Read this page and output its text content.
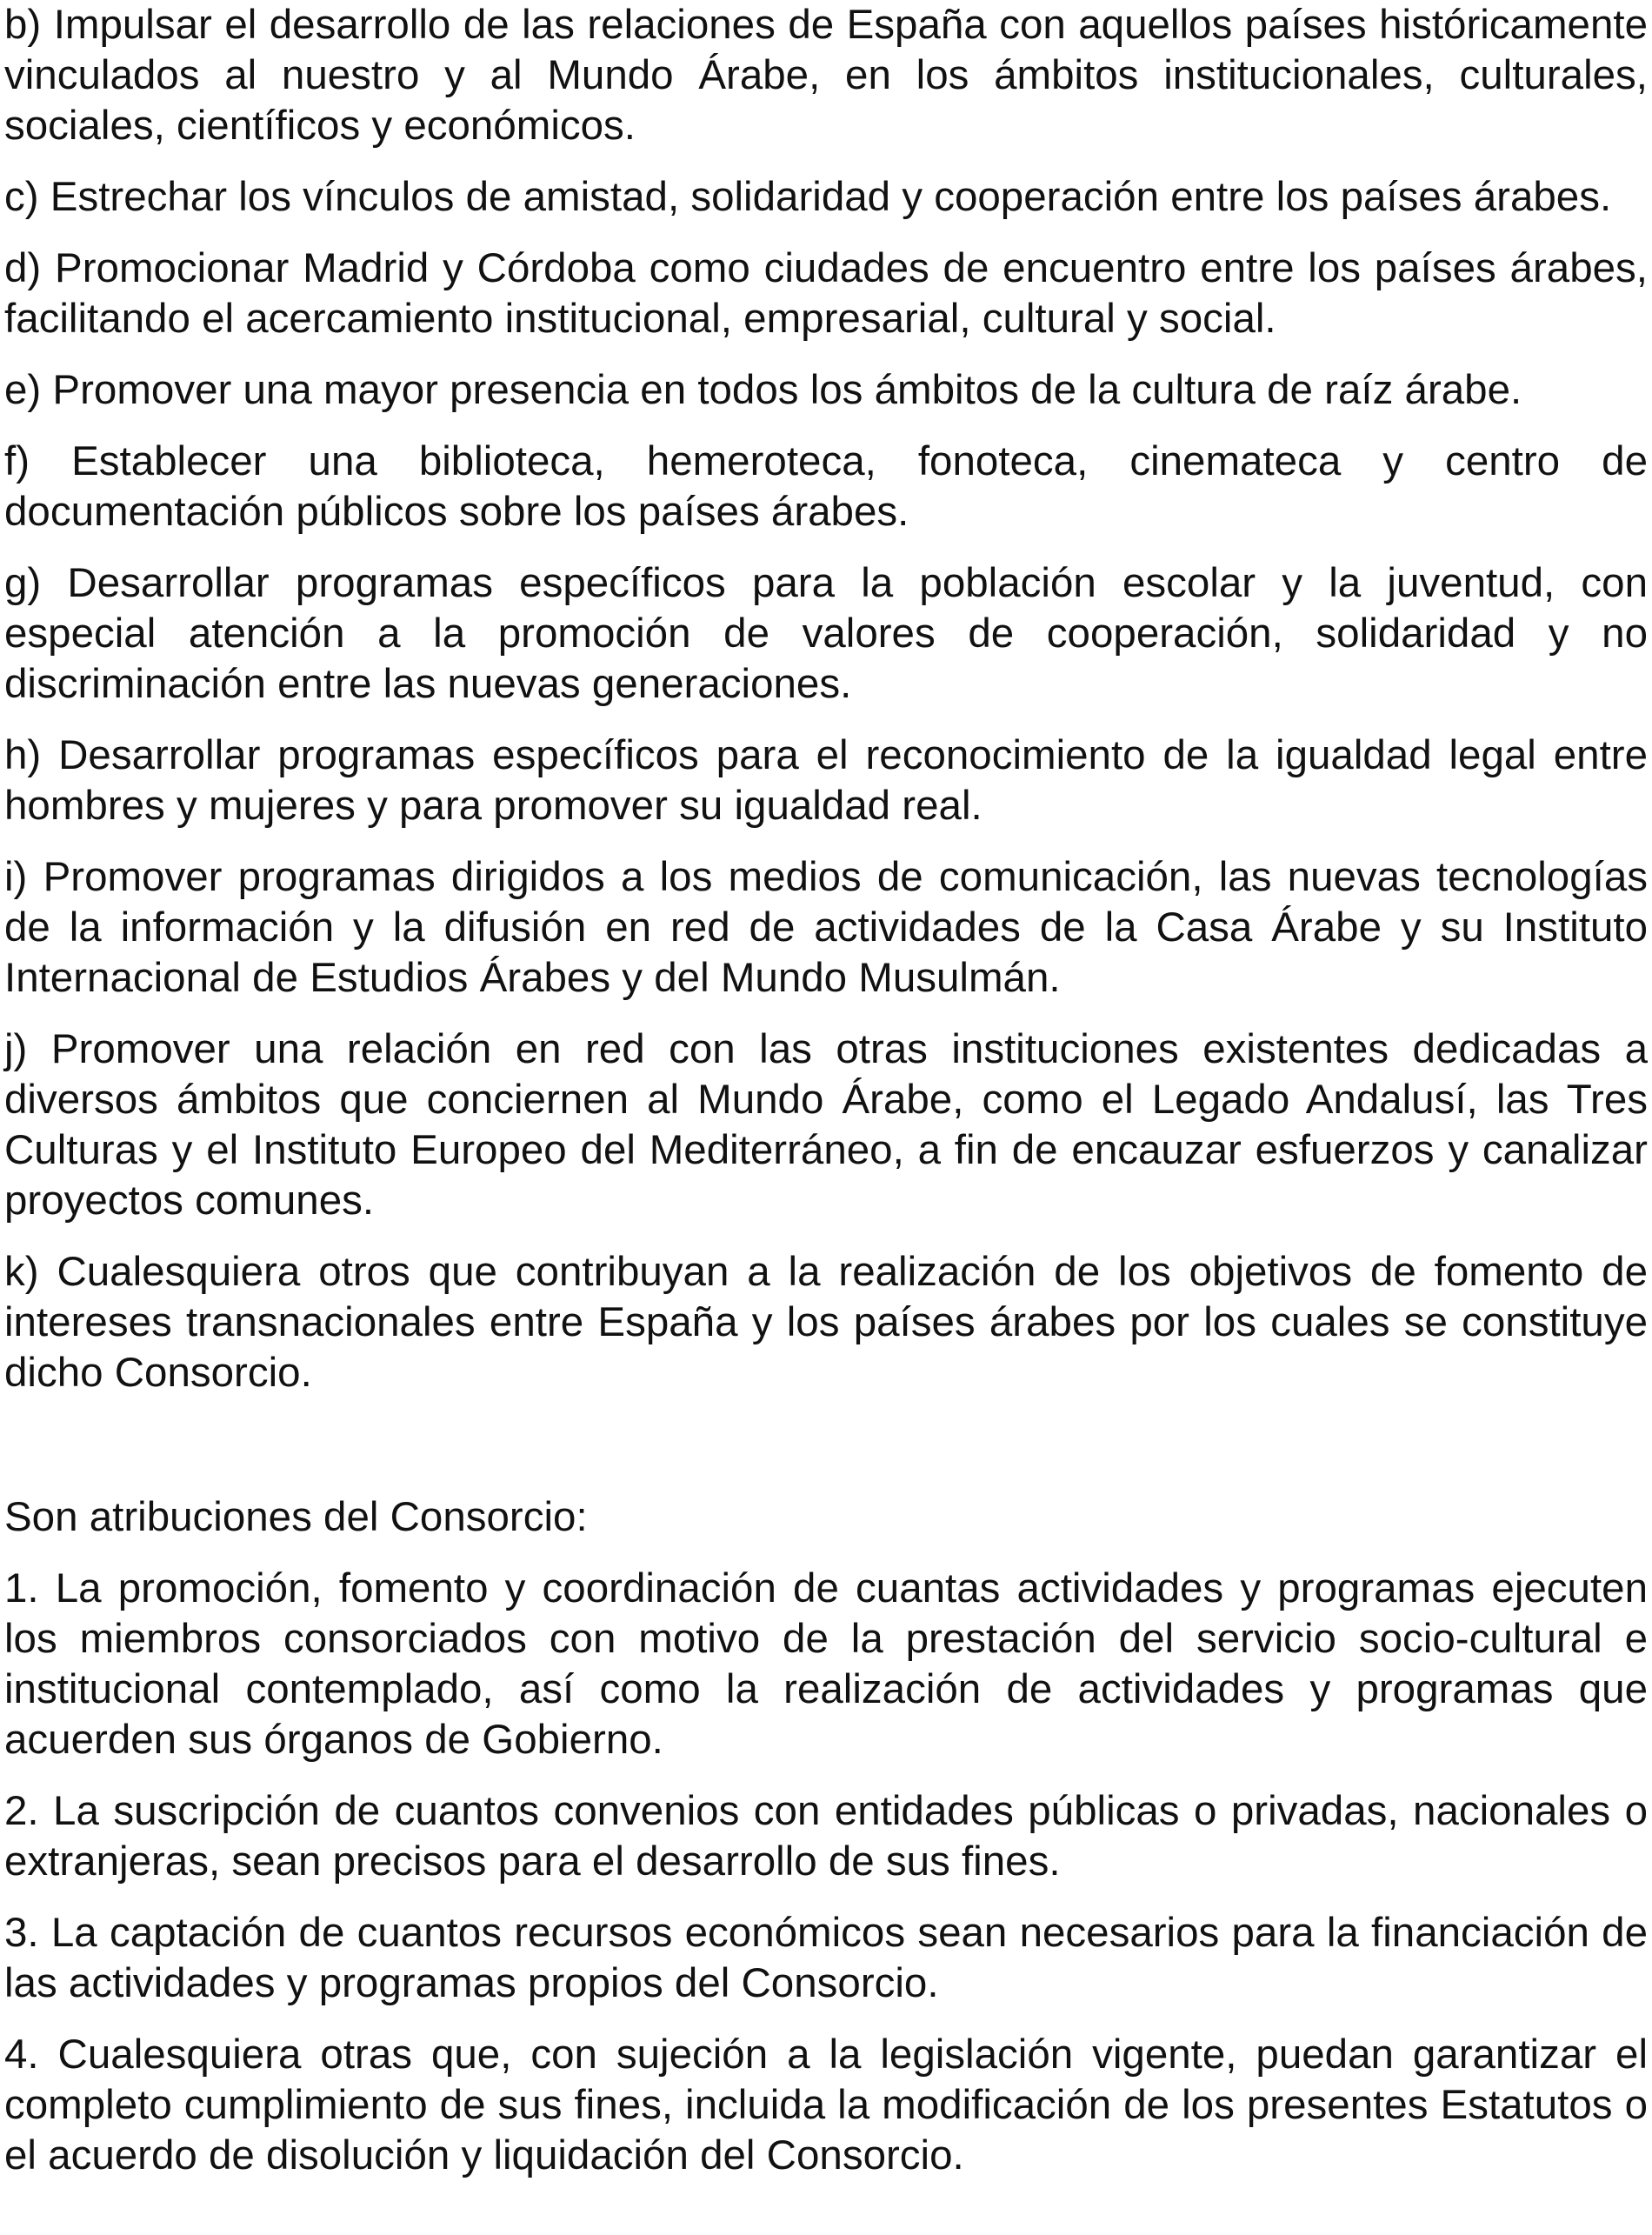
b) Impulsar el desarrollo de las relaciones de España con aquellos países históricamente vinculados al nuestro y al Mundo Árabe, en los ámbitos institucionales, culturales, sociales, científicos y económicos.

c) Estrechar los vínculos de amistad, solidaridad y cooperación entre los países árabes.

d) Promocionar Madrid y Córdoba como ciudades de encuentro entre los países árabes, facilitando el acercamiento institucional, empresarial, cultural y social.

e) Promover una mayor presencia en todos los ámbitos de la cultura de raíz árabe.

f) Establecer una biblioteca, hemeroteca, fonoteca, cinemateca y centro de documentación públicos sobre los países árabes.

g) Desarrollar programas específicos para la población escolar y la juventud, con especial atención a la promoción de valores de cooperación, solidaridad y no discriminación entre las nuevas generaciones.

h) Desarrollar programas específicos para el reconocimiento de la igualdad legal entre hombres y mujeres y para promover su igualdad real.

i) Promover programas dirigidos a los medios de comunicación, las nuevas tecnologías de la información y la difusión en red de actividades de la Casa Árabe y su Instituto Internacional de Estudios Árabes y del Mundo Musulmán.

j) Promover una relación en red con las otras instituciones existentes dedicadas a diversos ámbitos que conciernen al Mundo Árabe, como el Legado Andalusí, las Tres Culturas y el Instituto Europeo del Mediterráneo, a fin de encauzar esfuerzos y canalizar proyectos comunes.

k) Cualesquiera otros que contribuyan a la realización de los objetivos de fomento de intereses transnacionales entre España y los países árabes por los cuales se constituye dicho Consorcio.

Son atribuciones del Consorcio:

1. La promoción, fomento y coordinación de cuantas actividades y programas ejecuten los miembros consorciados con motivo de la prestación del servicio socio-cultural e institucional contemplado, así como la realización de actividades y programas que acuerden sus órganos de Gobierno.

2. La suscripción de cuantos convenios con entidades públicas o privadas, nacionales o extranjeras, sean precisos para el desarrollo de sus fines.

3. La captación de cuantos recursos económicos sean necesarios para la financiación de las actividades y programas propios del Consorcio.

4. Cualesquiera otras que, con sujeción a la legislación vigente, puedan garantizar el completo cumplimiento de sus fines, incluida la modificación de los presentes Estatutos o el acuerdo de disolución y liquidación del Consorcio.
